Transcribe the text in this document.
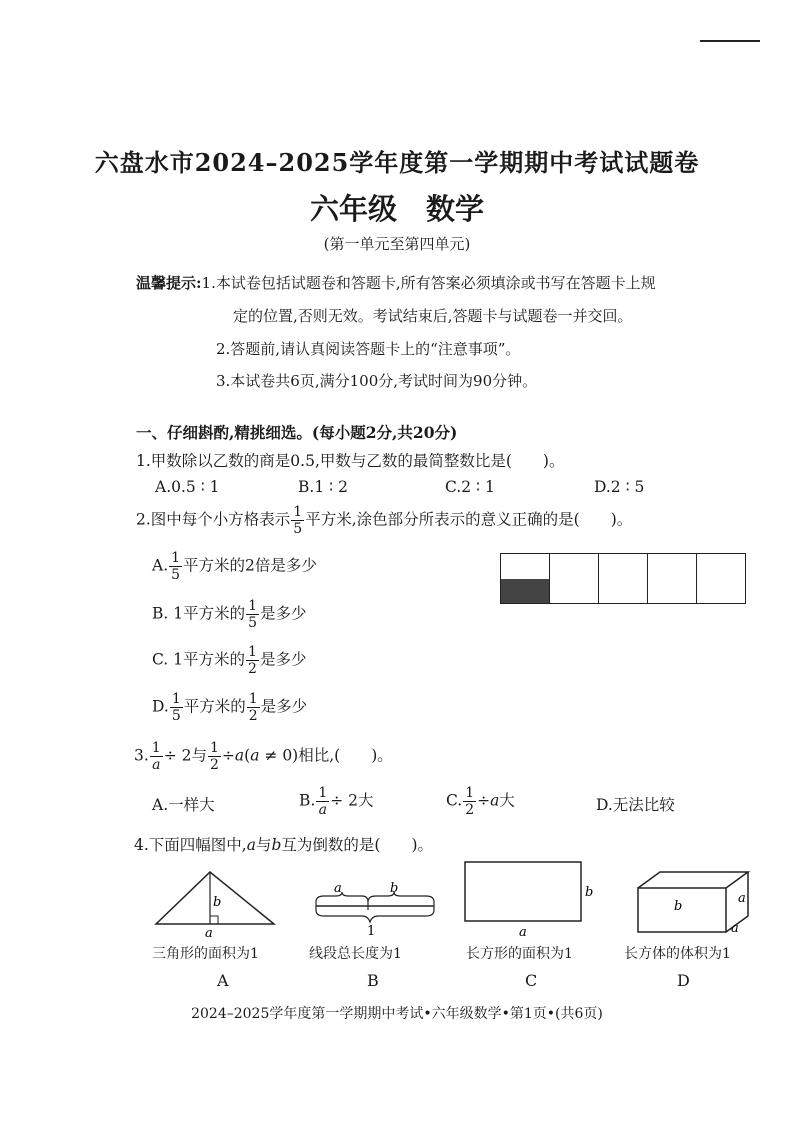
六盘水市2024–2025学年度第一学期期中考试试题卷
六年级　数学
(第一单元至第四单元)
温馨提示:1.本试卷包括试题卷和答题卡,所有答案必须填涂或书写在答题卡上规
定的位置,否则无效。考试结束后,答题卡与试题卷一并交回。
2.答题前,请认真阅读答题卡上的“注意事项”。
3.本试卷共6页,满分100分,考试时间为90分钟。
一、仔细斟酌,精挑细选。(每小题2分,共20分)
1.甲数除以乙数的商是0.5,甲数与乙数的最简整数比是(　　)。
A.0.5 ∶ 1	B.1 ∶ 2	C.2 ∶ 1	D.2 ∶ 5
2.图中每个小方格表示 $\frac{1}{5}$ 平方米,涂色部分所表示的意义正确的是(　　)。
A. $\frac{1}{5}$ 平方米的2倍是多少
B. 1平方米的 $\frac{1}{5}$ 是多少
C. 1平方米的 $\frac{1}{2}$ 是多少
D. $\frac{1}{5}$ 平方米的 $\frac{1}{2}$ 是多少
3. $\frac{1}{a} \div 2$与 $\frac{1}{2} \div a(a \ne 0)$相比,(　　)。
A.一样大	B. $\frac{1}{a} \div 2$大	C. $\frac{1}{2} \div a$大	D.无法比较
4.下面四幅图中,a与b互为倒数的是(　　)。
b
a
a	b
1
b
a
b
a
a
三角形的面积为1	线段总长度为1	长方形的面积为1	长方体的体积为1
A	B	C	D
2024–2025学年度第一学期期中考试•六年级数学•第1页•(共6页)
